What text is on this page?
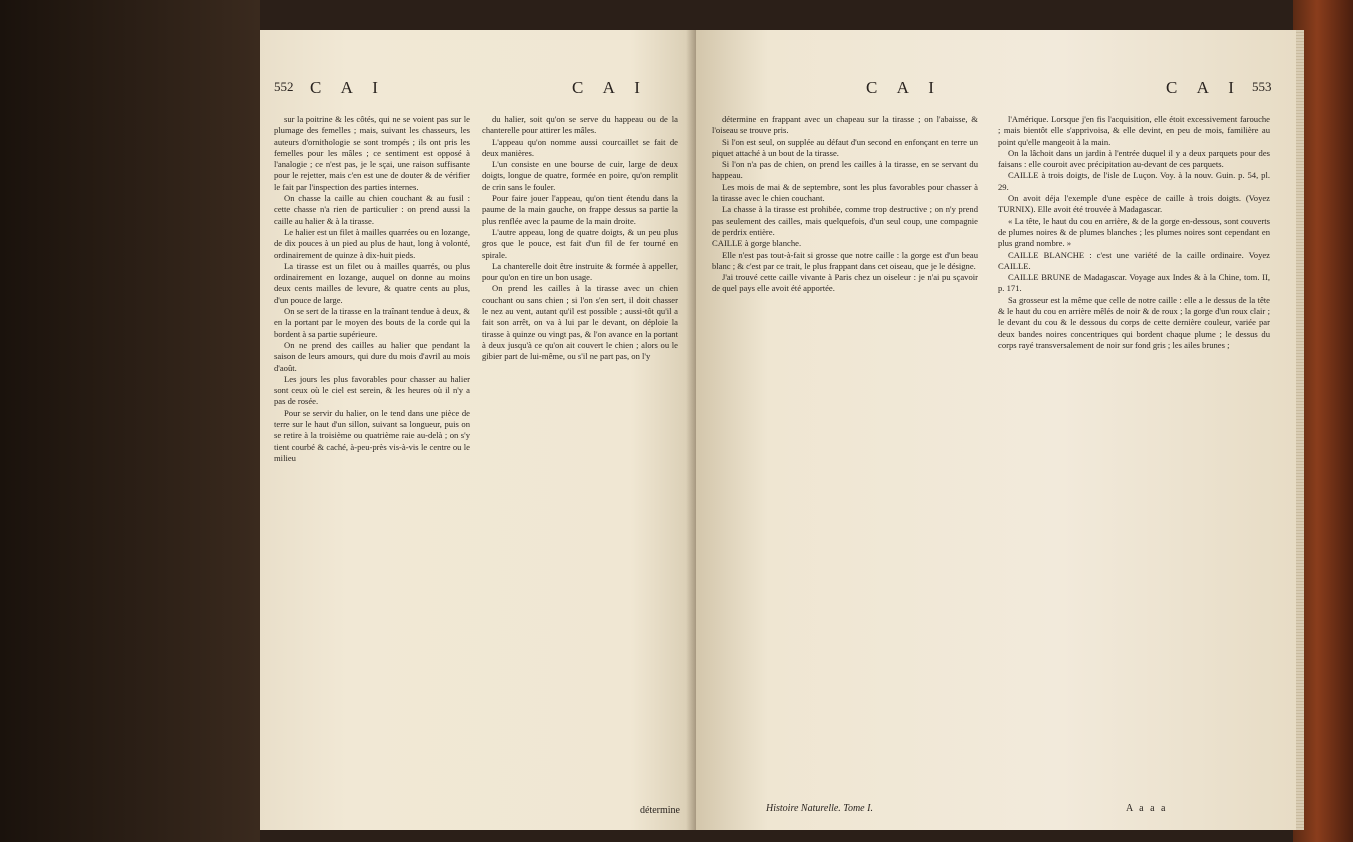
552 C A I	C A I

sur la poitrine & les côtés, qui ne se voient pas sur le plumage des femelles ; mais, suivant les chasseurs, les auteurs d'ornithologie se sont trompés ; ils ont pris les femelles pour les mâles ; ce sentiment est opposé à l'analogie ; ce n'est pas, je le sçai, une raison suffisante pour le rejetter, mais c'en est une de douter & de vérifier le fait par l'inspection des parties internes.

On chasse la caille au chien couchant & au fusil : cette chasse n'a rien de particulier : on prend aussi la caille au halier & à la tirasse.

Le halier est un filet à mailles quarrées ou en lozange, de dix pouces à un pied au plus de haut, long à volonté, ordinairement de quinze à dix-huit pieds.

La tirasse est un filet ou à mailles quarrés, ou plus ordinairement en lozange, auquel on donne au moins deux cents mailles de levure, & quatre cents au plus, d'un pouce de large.

On se sert de la tirasse en la traînant tendue à deux, & en la portant par le moyen des bouts de la corde qui la bordent à sa partie supérieure.

On ne prend des cailles au halier que pendant la saison de leurs amours, qui dure du mois d'avril au mois d'août.

Les jours les plus favorables pour chasser au halier sont ceux où le ciel est serein, & les heures où il n'y a pas de rosée.

Pour se servir du halier, on le tend dans une pièce de terre sur le haut d'un sillon, suivant sa longueur, puis on se retire à la troisième ou quatrième raie au-delà ; on s'y tient courbé & caché, à-peu-près vis-à-vis le centre ou le milieu

du halier, soit qu'on se serve du happeau ou de la chanterelle pour attirer les mâles.

L'appeau qu'on nomme aussi courcaillet se fait de deux manières.

L'un consiste en une bourse de cuir, large de deux doigts, longue de quatre, formée en poire, qu'on remplit de crin sans le fouler.

Pour faire jouer l'appeau, qu'on tient étendu dans la paume de la main gauche, on frappe dessus sa partie la plus renflée avec la paume de la main droite.

L'autre appeau, long de quatre doigts, & un peu plus gros que le pouce, est fait d'un fil de fer tourné en spirale.

La chanterelle doit être instruite & formée à appeller, pour qu'on en tire un bon usage.

On prend les cailles à la tirasse avec un chien couchant ou sans chien ; si l'on s'en sert, il doit chasser le nez au vent, autant qu'il est possible ; aussi-tôt qu'il a fait son arrêt, on va à lui par le devant, on déploie la tirasse à quinze ou vingt pas, & l'on avance en la portant à deux jusqu'à ce qu'on ait couvert le chien ; alors ou le gibier part de lui-même, ou s'il ne part pas, on l'y

détermine
C A I	C A I 553

détermine en frappant avec un chapeau sur la tirasse ; on l'abaisse, & l'oiseau se trouve pris.

Si l'on est seul, on supplée au défaut d'un second en enfonçant en terre un piquet attaché à un bout de la tirasse.

Si l'on n'a pas de chien, on prend les cailles à la tirasse, en se servant du happeau.

Les mois de mai & de septembre, sont les plus favorables pour chasser à la tirasse avec le chien couchant.

La chasse à la tirasse est prohibée, comme trop destructive ; on n'y prend pas seulement des cailles, mais quelquefois, d'un seul coup, une compagnie de perdrix entière.

CAILLE à gorge blanche.

Elle n'est pas tout-à-fait si grosse que notre caille : la gorge est d'un beau blanc ; & c'est par ce trait, le plus frappant dans cet oiseau, que je le désigne.

J'ai trouvé cette caille vivante à Paris chez un oiseleur : je n'ai pu sçavoir de quel pays elle avoit été apportée.

l'Amérique. Lorsque j'en fis l'acquisition, elle étoit excessivement farouche ; mais bientôt elle s'apprivoisa, & elle devint, en peu de mois, familière au point qu'elle mangeoit à la main.

On la lâchoit dans un jardin à l'entrée duquel il y a deux parquets pour des faisans : elle couroit avec précipitation au-devant de ces parquets.

CAILLE à trois doigts, de l'isle de Luçon. Voy. à la nouv. Guin. p. 54, pl. 29.

On avoit déja l'exemple d'une espèce de caille à trois doigts. (Voyez TURNIX). Elle avoit été trouvée à Madagascar.

« La tête, le haut du cou en arrière, & de la gorge en-dessous, sont couverts de plumes noires & de plumes blanches ; les plumes noires sont cependant en plus grand nombre. »

CAILLE BLANCHE : c'est une variété de la caille ordinaire. Voyez CAILLE.

CAILLE BRUNE de Madagascar. Voyage aux Indes & à la Chine, tom. II, p. 171.

Sa grosseur est la même que celle de notre caille : elle a le dessus de la tête & le haut du cou en arrière mêlés de noir & de roux ; la gorge d'un roux clair ; le devant du cou & le dessous du corps de cette dernière couleur, variée par deux bandes noires concentriques qui bordent chaque plume ; le dessus du corps rayé transversalement de noir sur fond gris ; les ailes brunes ;

Histoire Naturelle. Tome I.	A a a a
